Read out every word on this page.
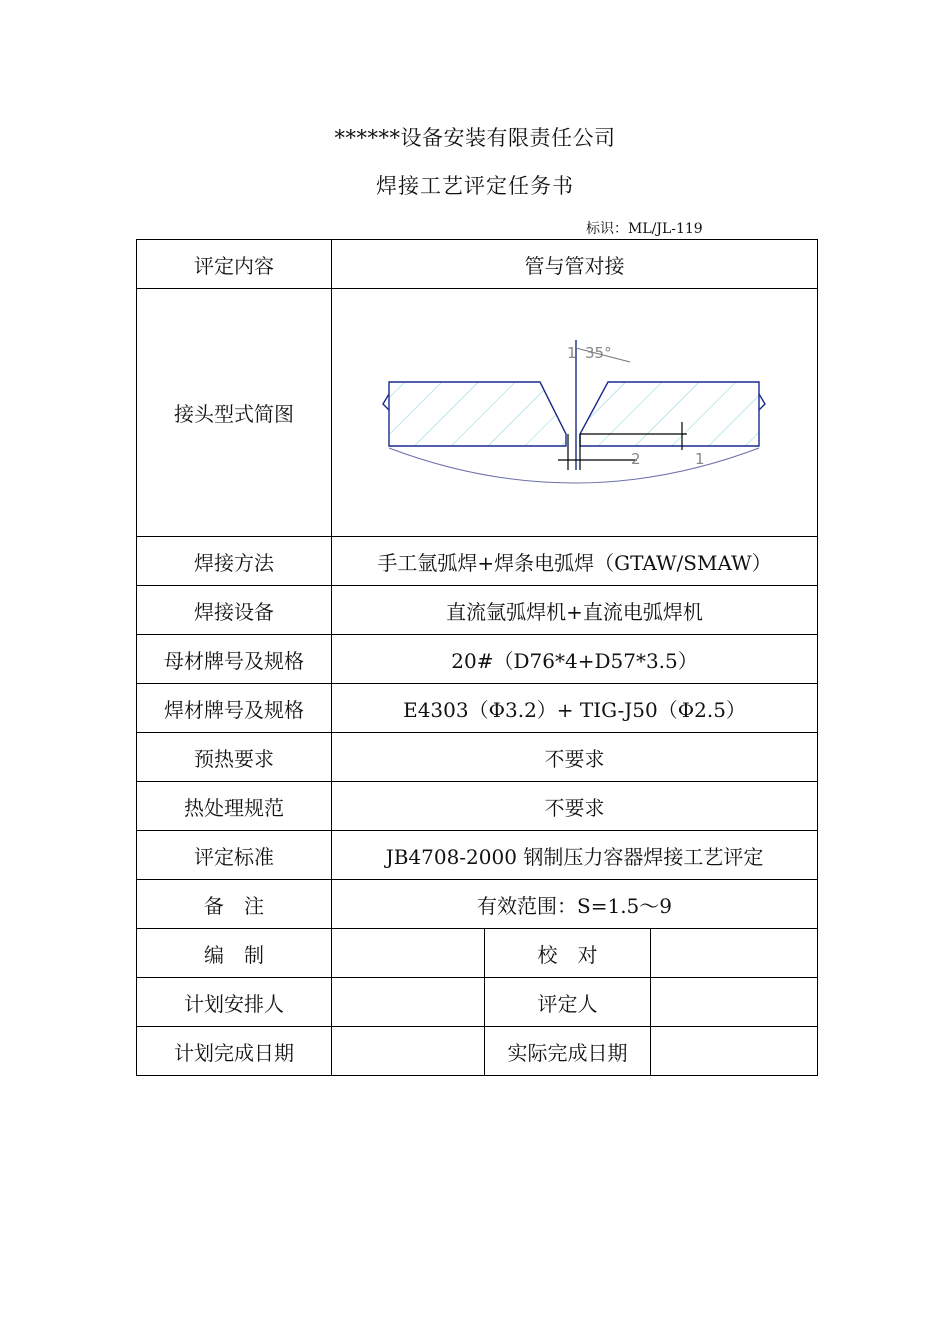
******设备安装有限责任公司
焊接工艺评定任务书
标识：ML/JL-119
评定内容	管与管对接		
接头型式简图	35°
1
2 1		

焊接方法	手工氩弧焊+焊条电弧焊（GTAW/SMAW）		
焊接设备	直流氩弧焊机+直流电弧焊机		
母材牌号及规格	20#（D76*4+D57*3.5）		
焊材牌号及规格	E4303（Φ3.2）+ TIG-J50（Φ2.5）		
预热要求	不要求		
热处理规范	不要求		
评定标准	JB4708-2000 钢制压力容器焊接工艺评定		
备　注	有效范围：S=1.5～9		
编　制		校　对	
计划安排人		评定人	
计划完成日期		实际完成日期	
